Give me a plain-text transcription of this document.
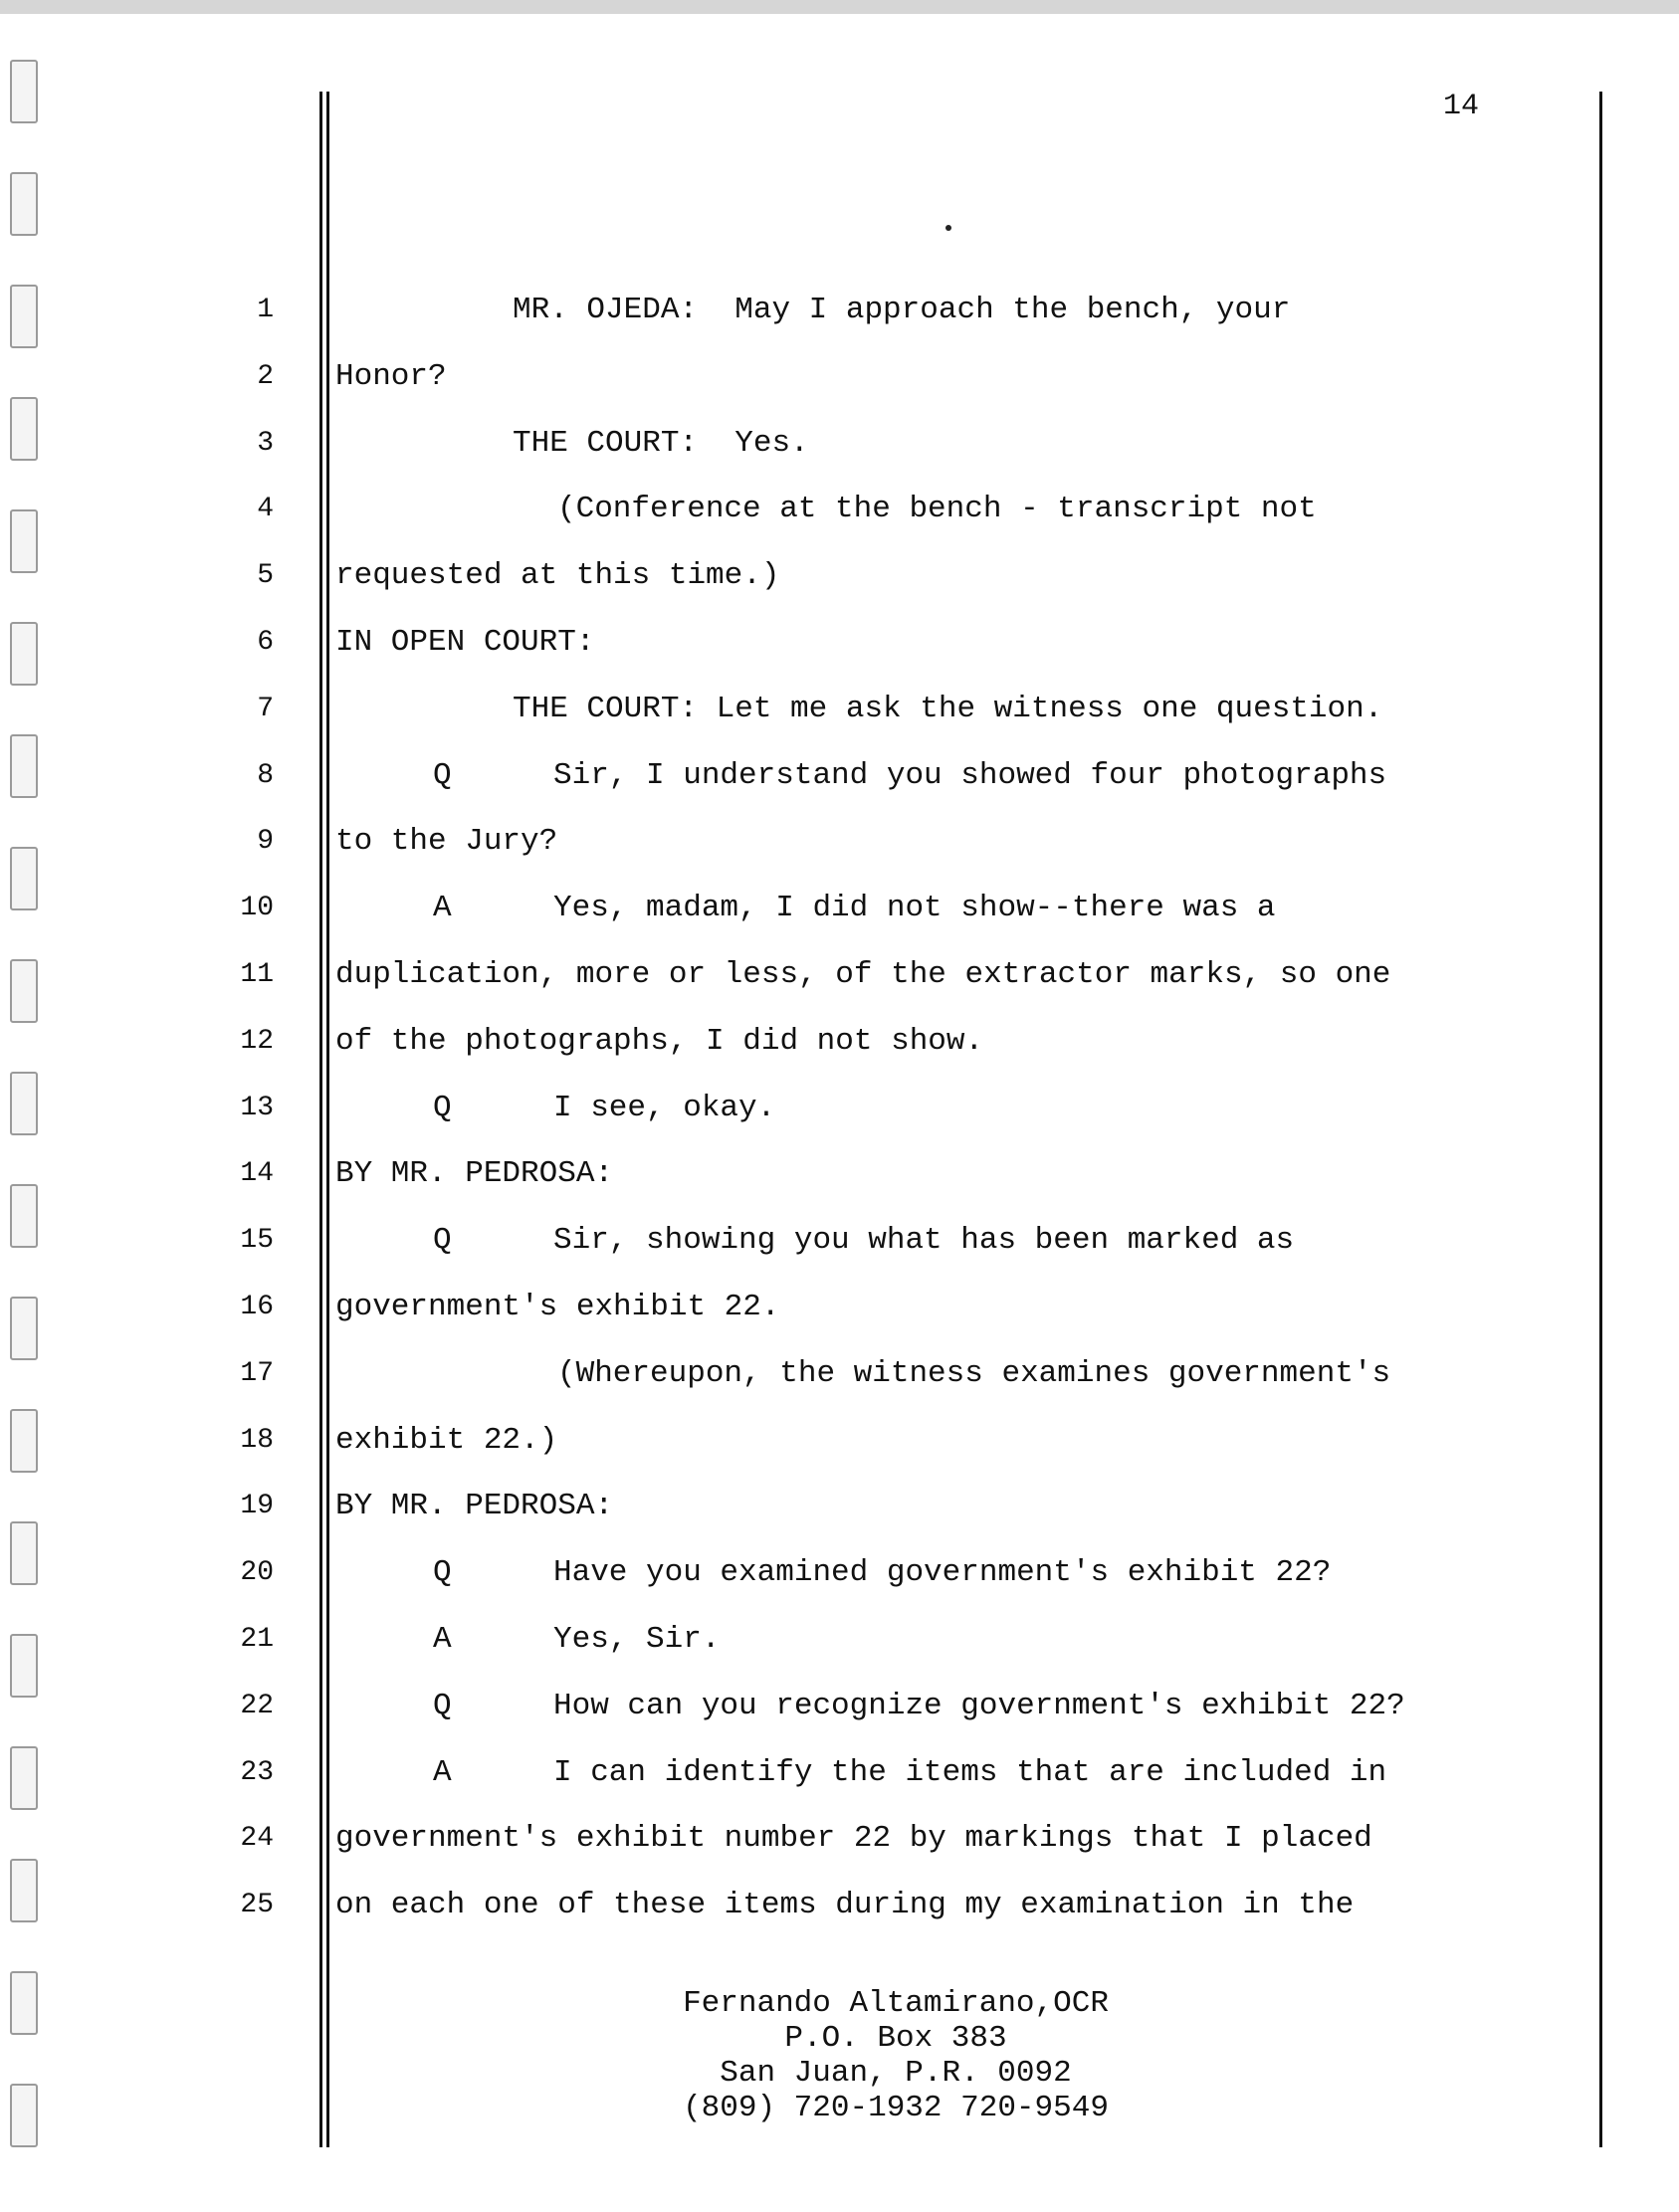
14
1	MR. OJEDA:  May I approach the bench, your
2 Honor?
3	THE COURT:  Yes.
4	(Conference at the bench - transcript not
5 requested at this time.)
6 IN OPEN COURT:
7	THE COURT: Let me ask the witness one question.
8	Q	Sir, I understand you showed four photographs
9 to the Jury?
10	A	Yes, madam, I did not show--there was a
11 duplication, more or less, of the extractor marks, so one
12 of the photographs, I did not show.
13	Q	I see, okay.
14 BY MR. PEDROSA:
15	Q	Sir, showing you what has been marked as
16 government's exhibit 22.
17	(Whereupon, the witness examines government's
18 exhibit 22.)
19 BY MR. PEDROSA:
20	Q	Have you examined government's exhibit 22?
21	A	Yes, Sir.
22	Q	How can you recognize government's exhibit 22?
23	A	I can identify the items that are included in
24 government's exhibit number 22 by markings that I placed
25 on each one of these items during my examination in the
Fernando Altamirano,OCR
P.O. Box 383
San Juan, P.R. 0092
(809) 720-1932 720-9549
